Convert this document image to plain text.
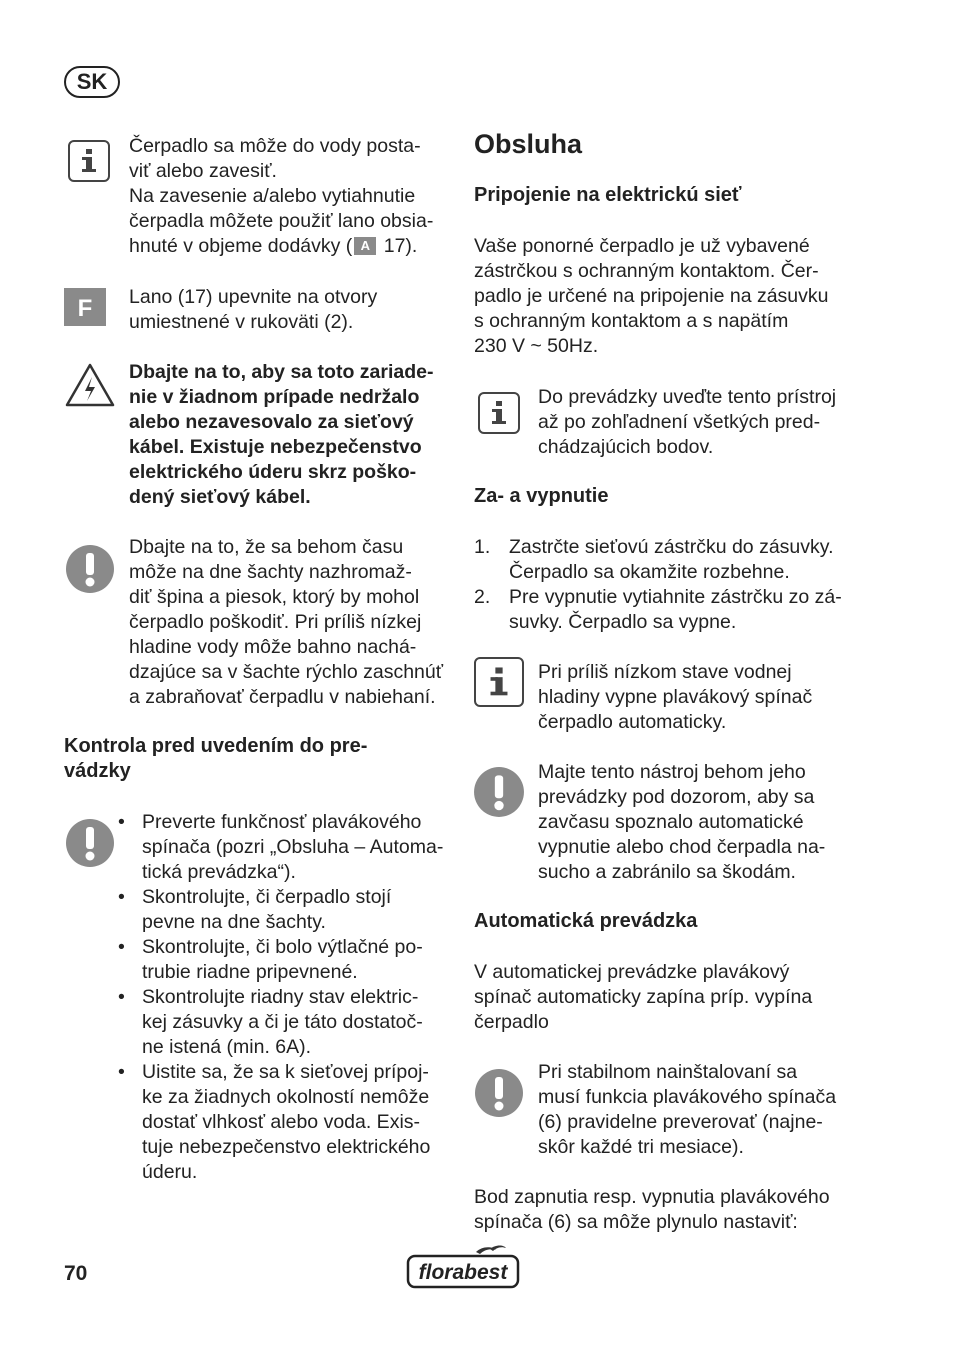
SK
Čerpadlo sa môže do vody posta-
viť alebo zavesiť.
Na zavesenie a/alebo vytiahnutie
čerpadla môžete použiť lano obsia-
hnuté v objeme dodávky ( A 17).
F Lano (17) upevnite na otvory
umiestnené v rukoväti (2).
Dbajte na to, aby sa toto zariade-
nie v žiadnom prípade nedržalo
alebo nezavesovalo za sieťový
kábel. Existuje nebezpečenstvo
elektrického úderu skrz poško-
dený sieťový kábel.
Dbajte na to, že sa behom času
môže na dne šachty nazhromaž-
diť špina a piesok, ktorý by mohol
čerpadlo poškodiť. Pri príliš nízkej
hladine vody môže bahno nachá-
dzajúce sa v šachte rýchlo zaschnúť
a zabraňovať čerpadlu v nabiehaní.
Kontrola pred uvedením do pre-
vádzky
• Preverte funkčnosť plavákového
spínača (pozri „Obsluha – Automa-
tická prevádzka“).
• Skontrolujte, či čerpadlo stojí
pevne na dne šachty.
• Skontrolujte, či bolo výtlačné po-
trubie riadne pripevnené.
• Skontrolujte riadny stav elektric-
kej zásuvky a či je táto dostatoč-
ne istená (min. 6A).
• Uistite sa, že sa k sieťovej prípoj-
ke za žiadnych okolností nemôže
dostať vlhkosť alebo voda. Exis-
tuje nebezpečenstvo elektrického
úderu.
Obsluha
Pripojenie na elektrickú sieť
Vaše ponorné čerpadlo je už vybavené
zástrčkou s ochranným kontaktom. Čer-
padlo je určené na pripojenie na zásuvku
s ochranným kontaktom a s napätím
230 V ~ 50Hz.
Do prevádzky uveďte tento prístroj
až po zohľadnení všetkých pred-
chádzajúcich bodov.
Za- a vypnutie
1. Zastrčte sieťovú zástrčku do zásuvky.
Čerpadlo sa okamžite rozbehne.
2. Pre vypnutie vytiahnite zástrčku zo zá-
suvky. Čerpadlo sa vypne.
Pri príliš nízkom stave vodnej
hladiny vypne plavákový spínač
čerpadlo automaticky.
Majte tento nástroj behom jeho
prevádzky pod dozorom, aby sa
zavčasu spoznalo automatické
vypnutie alebo chod čerpadla na-
sucho a zabránilo sa škodám.
Automatická prevádzka
V automatickej prevádzke plavákový
spínač automaticky zapína príp. vypína
čerpadlo
Pri stabilnom nainštalovaní sa
musí funkcia plavákového spínača
(6) pravidelne preverovať (najne-
skôr každé tri mesiace).
Bod zapnutia resp. vypnutia plavákového
spínača (6) sa môže plynulo nastaviť:
70	florabest
